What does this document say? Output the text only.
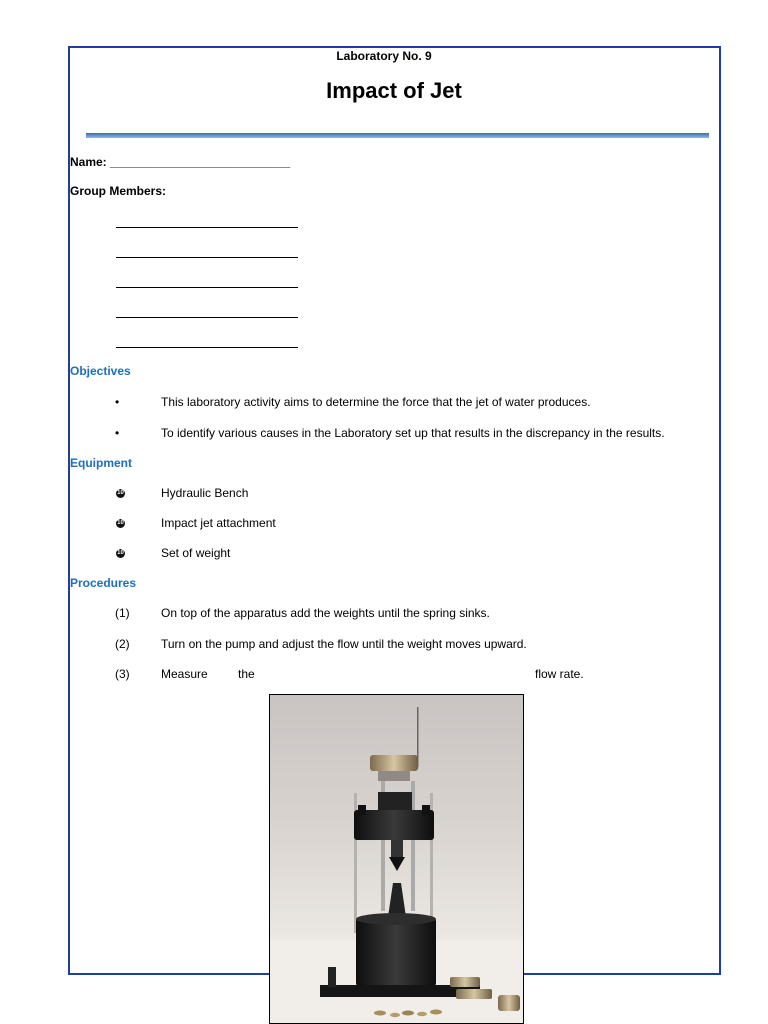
Laboratory No. 9
Impact of Jet
Name: ___________________________
Group Members:
Objectives
•	This laboratory activity aims to determine the force that the jet of water produces.
•	To identify various causes in the Laboratory set up that results in the discrepancy in the results.
Equipment
10	Hydraulic Bench
10	Impact jet attachment
10	Set of weight
Procedures
(1)	On top of the apparatus add the weights until the spring sinks.
(2)	Turn on the pump and adjust the flow until the weight moves upward.
(3)	Measure	the	flow rate.
